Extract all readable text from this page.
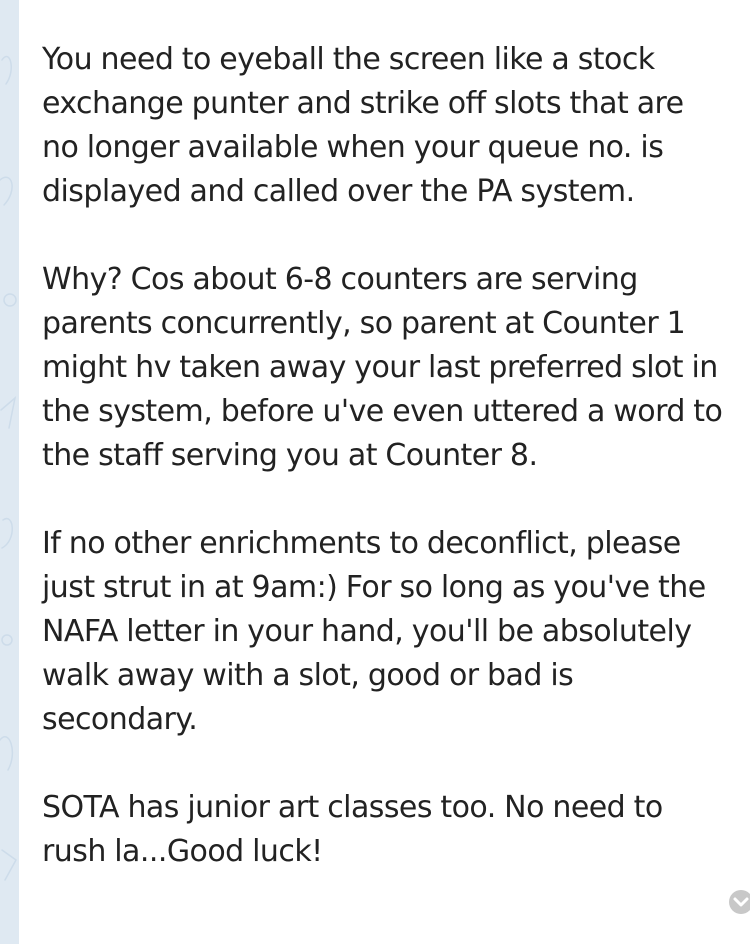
You need to eyeball the screen like a stock
exchange punter and strike off slots that are
no longer available when your queue no. is
displayed and called over the PA system.
Why? Cos about 6-8 counters are serving
parents concurrently, so parent at Counter 1
might hv taken away your last preferred slot in
the system, before u've even uttered a word to
the staff serving you at Counter 8.
If no other enrichments to deconflict, please
just strut in at 9am:) For so long as you've the
NAFA letter in your hand, you'll be absolutely
walk away with a slot, good or bad is
secondary.
SOTA has junior art classes too. No need to
rush la...Good luck!
